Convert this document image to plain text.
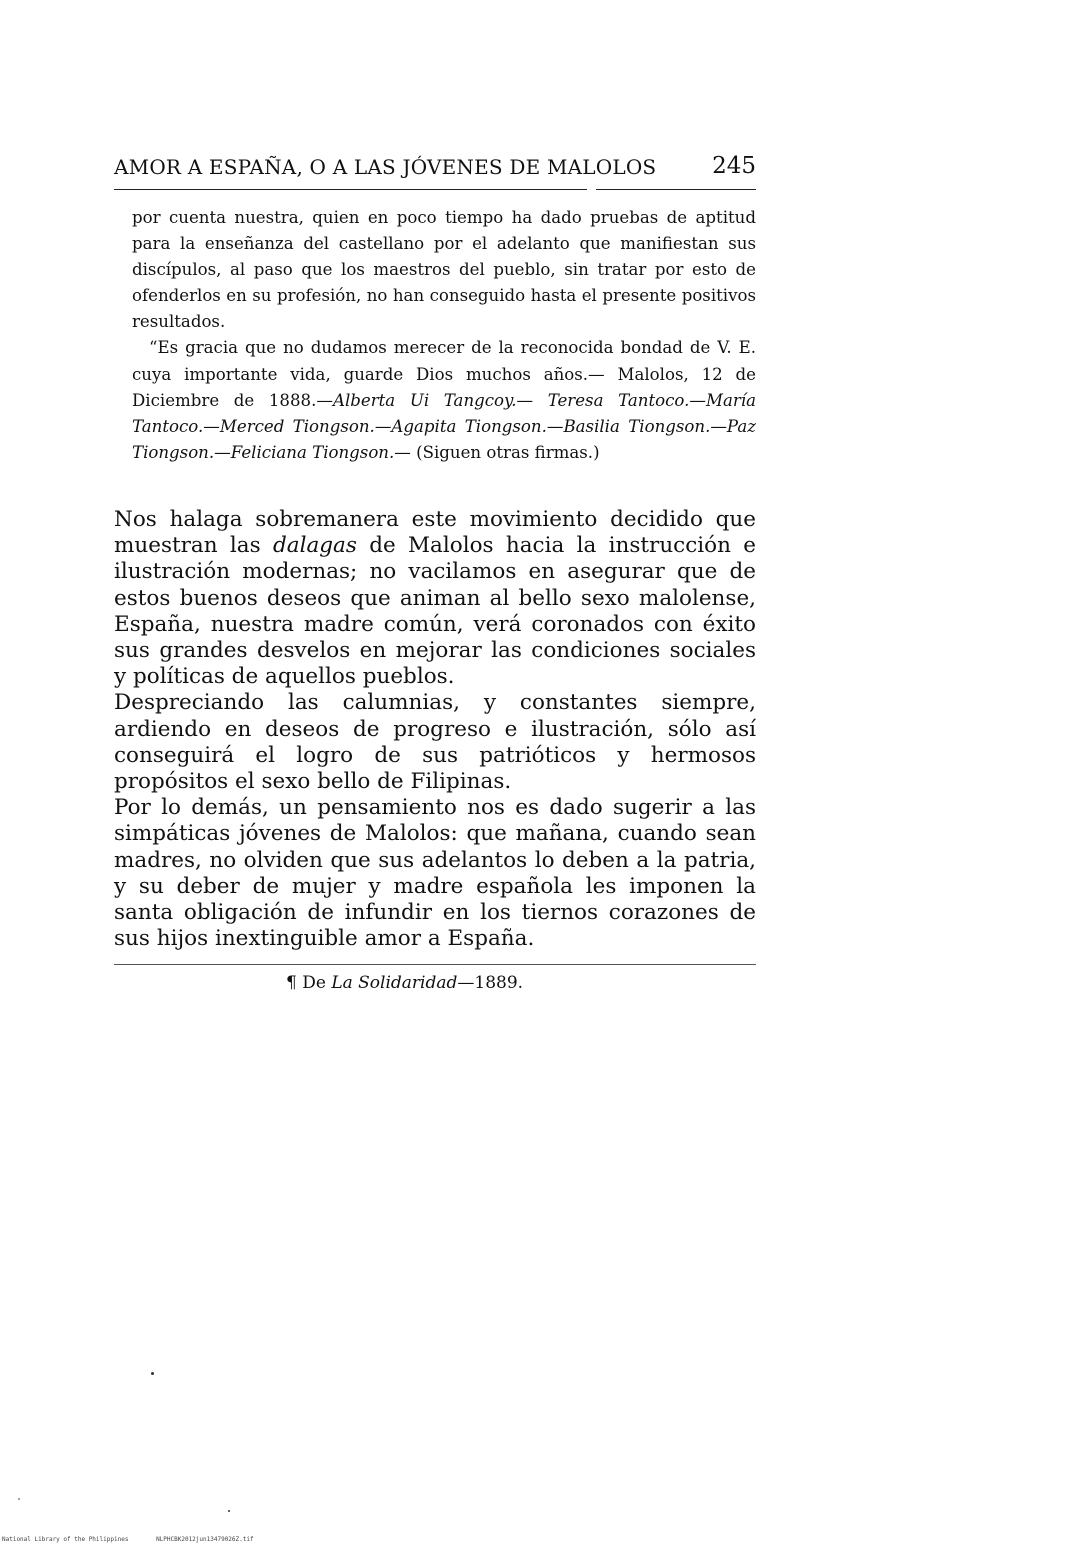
AMOR A ESPAÑA, O A LAS JÓVENES DE MALOLOS 245

por cuenta nuestra, quien en poco tiempo ha dado pruebas de aptitud para la enseñanza del castellano por el adelanto que manifiestan sus discípulos, al paso que los maestros del pueblo, sin tratar por esto de ofenderlos en su profesión, no han conseguido hasta el presente positivos resultados.

“Es gracia que no dudamos merecer de la reconocida bondad de V. E. cuya importante vida, guarde Dios muchos años.— Malolos, 12 de Diciembre de 1888.—Alberta Ui Tangcoy.— Teresa Tantoco.—María Tantoco.—Merced Tiongson.—Agapita Tiongson.—Basilia Tiongson.—Paz Tiongson.—Feliciana Tiongson.— (Siguen otras firmas.)

Nos halaga sobremanera este movimiento decidido que muestran las dalagas de Malolos hacia la instrucción e ilustración modernas; no vacilamos en asegurar que de estos buenos deseos que animan al bello sexo malolense, España, nuestra madre común, verá coronados con éxito sus grandes desvelos en mejorar las condiciones sociales y políticas de aquellos pueblos.

Despreciando las calumnias, y constantes siempre, ardiendo en deseos de progreso e ilustración, sólo así conseguirá el logro de sus patrióticos y hermosos propósitos el sexo bello de Filipinas.

Por lo demás, un pensamiento nos es dado sugerir a las simpáticas jóvenes de Malolos: que mañana, cuando sean madres, no olviden que sus adelantos lo deben a la patria, y su deber de mujer y madre española les imponen la santa obligación de infundir en los tiernos corazones de sus hijos inextinguible amor a España.

¶ De La Solidaridad—1889.
National Library of the Philippines	NLPHCBK2012jun13479026Z.tif
